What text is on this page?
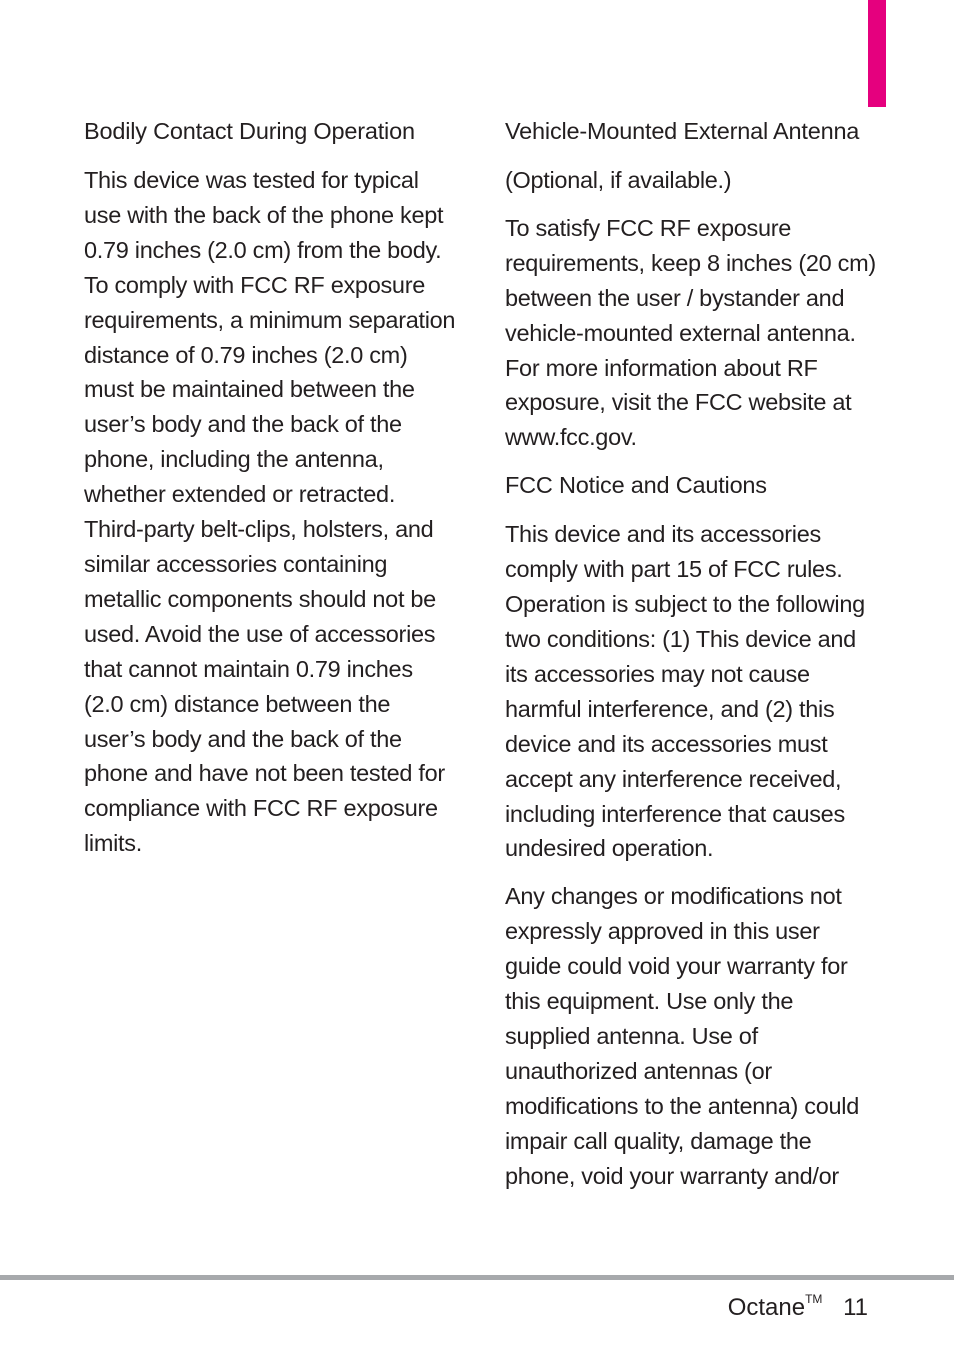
Bodily Contact During Operation

This device was tested for typical use with the back of the phone kept 0.79 inches (2.0 cm) from the body. To comply with FCC RF exposure requirements, a minimum separation distance of 0.79 inches (2.0 cm) must be maintained between the user’s body and the back of the phone, including the antenna, whether extended or retracted. Third-party belt-clips, holsters, and similar accessories containing metallic components should not be used. Avoid the use of accessories that cannot maintain 0.79 inches (2.0 cm) distance between the user’s body and the back of the phone and have not been tested for compliance with FCC RF exposure limits.

Vehicle-Mounted External Antenna

(Optional, if available.)

To satisfy FCC RF exposure requirements, keep 8 inches (20 cm) between the user / bystander and vehicle-mounted external antenna. For more information about RF exposure, visit the FCC website at www.fcc.gov.

FCC Notice and Cautions

This device and its accessories comply with part 15 of FCC rules. Operation is subject to the following two conditions: (1) This device and its accessories may not cause harmful interference, and (2) this device and its accessories must accept any interference received, including interference that causes undesired operation.

Any changes or modifications not expressly approved in this user guide could void your warranty for this equipment. Use only the supplied antenna. Use of unauthorized antennas (or modifications to the antenna) could impair call quality, damage the phone, void your warranty and/or

Octane™ 11
